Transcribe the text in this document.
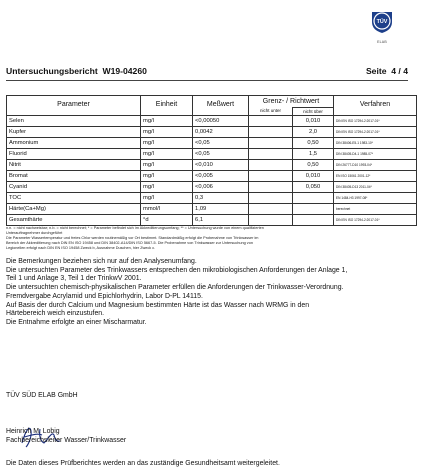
TÜV
ELAB
Untersuchungsbericht  W19-04260	Seite  4 / 4
Parameter	Einheit	Meßwert	Grenz- / Richtwert		Verfahren
			nicht unter	nicht über	
Selen	mg/l	<0,00050		0,010	DIN EN ISO 17294-2:2017-01*
Kupfer	mg/l	0,0042		2,0	DIN EN ISO 17294-2:2017-01*
Ammonium	mg/l	<0,05		0,50	DIN 38406-E5-1 1983-10*
Fluorid	mg/l	<0,05		1,5	DIN 38405-D4-1 1985-07*
Nitrit	mg/l	<0,010		0,50	DIN 26777-D10 1993-04*
Bromat	mg/l	<0,005		0,010	EN ISO 15061 2001-12*
Cyanid	mg/l	<0,006		0,050	DIN 38405-D13 2011-04*
TOC	mg/l	0,3			EN 1484-H3 1997-08*
Härte(Ca+Mg)	mmol/l	1,09			berechnet
Gesamthärte	°d	6,1			DIN EN ISO 17294-2:2017-01*
n.n. = nicht nachweisbar; n.b. = nicht berechnet; * = Parameter befindet sich im Akkreditierungsumfang; ** = Untersuchung wurde von einem qualifizierten
Unterauftragnehmer durchgeführt
Die Parameter Wassertemperatur und freies Chlor werden routinemäßig vor Ort bestimmt. Standardmäßig erfolgt die Probenahme von Trinkwasser im
Bereich der Akkreditierung nach DIN EN ISO 19458 und DIN 38402-A14/DIN ISO 5667-5. Die Probenahme von Trinkwasser zur Untersuchung von
Legionellen erfolgt nach DIN EN ISO 19458 Zweck b, Ausnahme Duschen, hier Zweck c.
Die Bemerkungen beziehen sich nur auf den Analysenumfang.
Die untersuchten Parameter des Trinkwassers entsprechen den mikrobiologischen Anforderungen der Anlage 1,
Teil 1 und Anlage 3, Teil 1 der TrinkwV 2001.
Die untersuchten chemisch-physikalischen Parameter erfüllen die Anforderungen der Trinkwasser-Verordnung.
Fremdvergabe Acrylamid und Epichlorhydrin, Labor D-PL 14115.
Auf Basis der durch Calcium und Magnesium bestimmten Härte ist das Wasser nach WRMG in den
Härtebereich weich einzustufen.
Die Entnahme erfolgte an einer Mischarmatur.
TÜV SÜD ELAB GmbH
Heinrich M. Lobig
Fachbereichsleiter Wasser/Trinkwasser
Die Daten dieses Prüfberichtes werden an das zuständige Gesundheitsamt weitergeleitet.
